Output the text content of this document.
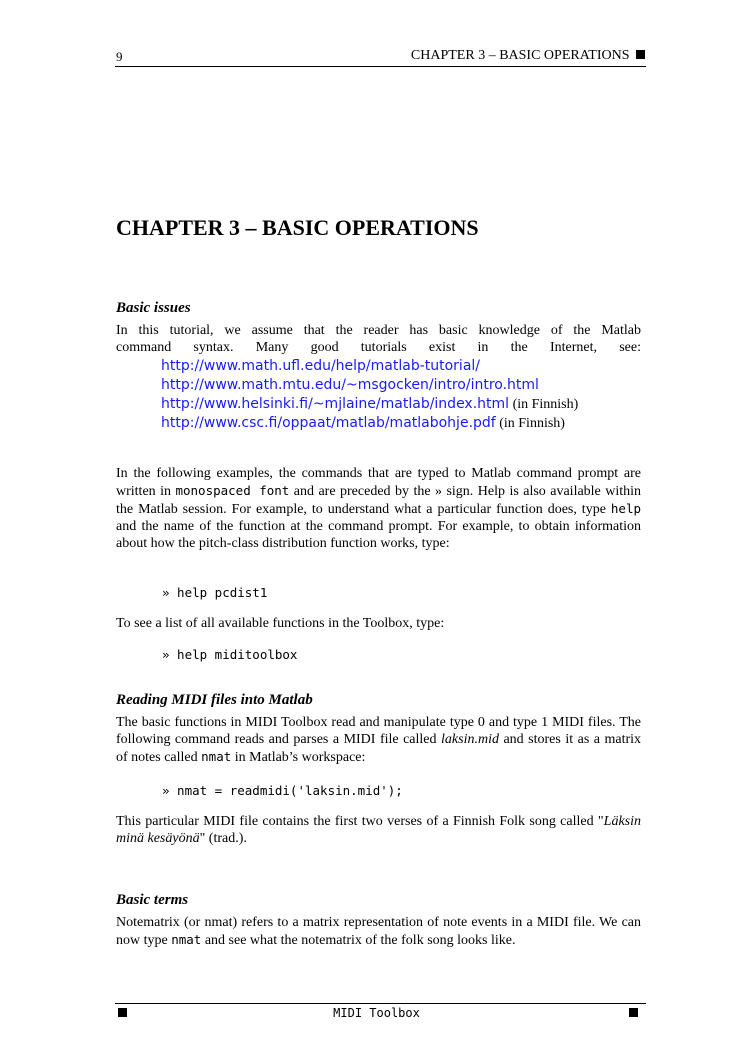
9	CHAPTER 3 – BASIC OPERATIONS
CHAPTER 3 – BASIC OPERATIONS
Basic issues
In this tutorial, we assume that the reader has basic knowledge of the Matlab
command syntax. Many good tutorials exist in the Internet, see:
http://www.math.ufl.edu/help/matlab-tutorial/
http://www.math.mtu.edu/~msgocken/intro/intro.html
http://www.helsinki.fi/~mjlaine/matlab/index.html (in Finnish)
http://www.csc.fi/oppaat/matlab/matlabohje.pdf (in Finnish)

In the following examples, the commands that are typed to Matlab command prompt are written in monospaced font and are preceded by the » sign. Help is also available within the Matlab session. For example, to understand what a particular function does, type help and the name of the function at the command prompt. For example, to obtain information about how the pitch-class distribution function works, type:

» help pcdist1

To see a list of all available functions in the Toolbox, type:

» help miditoolbox
Reading MIDI files into Matlab

The basic functions in MIDI Toolbox read and manipulate type 0 and type 1 MIDI files. The following command reads and parses a MIDI file called laksin.mid and stores it as a matrix of notes called nmat in Matlab’s workspace:

» nmat = readmidi('laksin.mid');

This particular MIDI file contains the first two verses of a Finnish Folk song called "Läksin minä kesäyönä" (trad.).

Basic terms

Notematrix (or nmat) refers to a matrix representation of note events in a MIDI file. We can now type nmat and see what the notematrix of the folk song looks like.

MIDI Toolbox
